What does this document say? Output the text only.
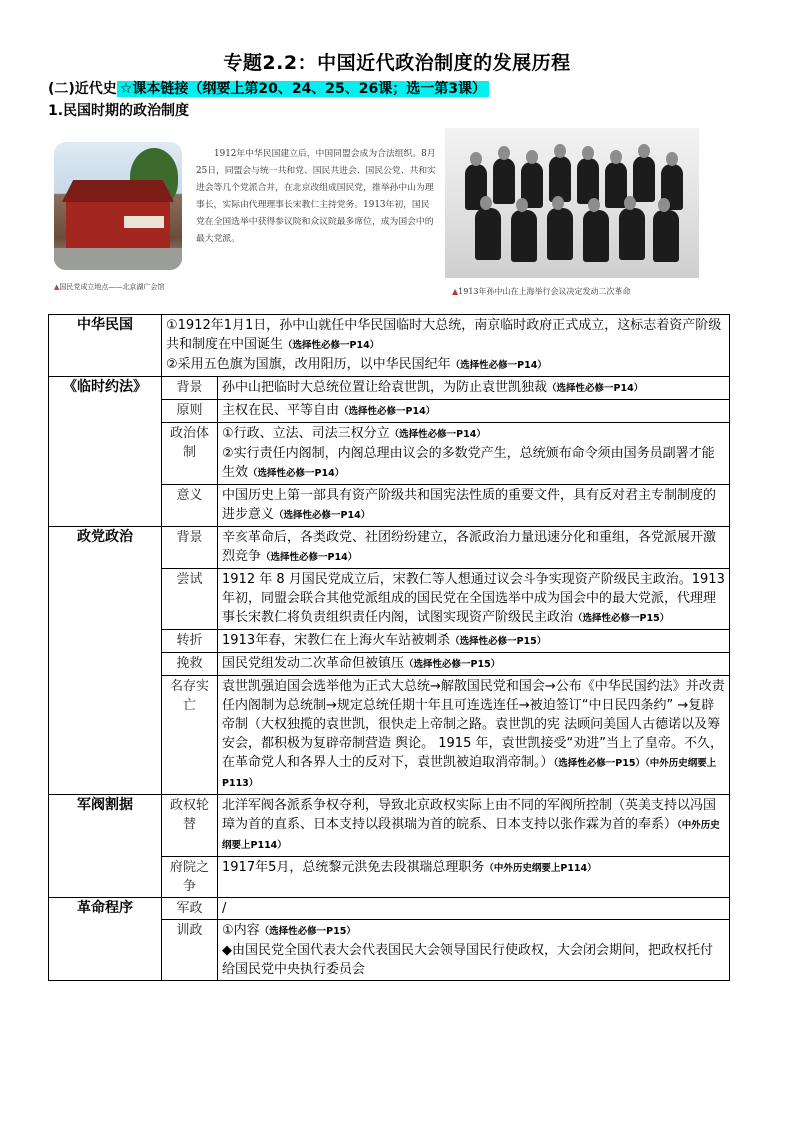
专题2.2：中国近代政治制度的发展历程
(二)近代史 ☆课本链接（纲要上第20、24、25、26课；选一第3课）
1.民国时期的政治制度
▲国民党成立地点——北京湖广会馆
1912年中华民国建立后，中国同盟会成为合法组织。8月25日，同盟会与统一共和党、国民共进会、国民公党、共和实进会等几个党派合并，在北京改组成国民党，推举孙中山为理事长，实际由代理理事长宋教仁主持党务。1913年初，国民党在全国选举中获得参议院和众议院最多席位，成为国会中的最大党派。
▲1913年孙中山在上海举行会议决定发动二次革命
中华民国	①1912年1月1日，孙中山就任中华民国临时大总统，南京临时政府正式成立，这标志着资产阶级共和制度在中国诞生（选择性必修一P14）
②采用五色旗为国旗，改用阳历，以中华民国纪年（选择性必修一P14）	

《临时约法》	背景	孙中山把临时大总统位置让给袁世凯，为防止袁世凯独裁（选择性必修一P14）
	原则	主权在民、平等自由（选择性必修一P14）
	政治体制	①行政、立法、司法三权分立（选择性必修一P14）
②实行责任内阁制，内阁总理由议会的多数党产生，总统颁布命令须由国务员副署才能生效（选择性必修一P14）

	意义	中国历史上第一部具有资产阶级共和国宪法性质的重要文件，具有反对君主专制制度的进步意义（选择性必修一P14）
政党政治	背景	辛亥革命后，各类政党、社团纷纷建立，各派政治力量迅速分化和重组，各党派展开激烈竞争（选择性必修一P14）
	尝试	1912 年 8 月国民党成立后，宋教仁等人想通过议会斗争实现资产阶级民主政治。1913年初，同盟会联合其他党派组成的国民党在全国选举中成为国会中的最大党派，代理理事长宋教仁将负责组织责任内阁，试图实现资产阶级民主政治（选择性必修一P15）
	转折	1913年春，宋教仁在上海火车站被刺杀（选择性必修一P15）
	挽救	国民党组发动二次革命但被镇压（选择性必修一P15）
	名存实亡	袁世凯强迫国会选举他为正式大总统→解散国民党和国会→公布《中华民国约法》并改责任内阁制为总统制→规定总统任期十年且可连选连任→被迫签订“中日民四条约” →复辟帝制（大权独揽的袁世凯，很快走上帝制之路。袁世凯的宪 法顾问美国人古德诺以及筹安会，都积极为复辟帝制营造 舆论。 1915 年，袁世凯接受“劝进”当上了皇帝。不久， 在革命党人和各界人士的反对下，袁世凯被迫取消帝制。）（选择性必修一P15）（中外历史纲要上P113）
军阀割据	政权轮替	北洋军阀各派系争权夺利，导致北京政权实际上由不同的军阀所控制（英美支持以冯国璋为首的直系、日本支持以段祺瑞为首的皖系、日本支持以张作霖为首的奉系）（中外历史纲要上P114）
	府院之争	1917年5月，总统黎元洪免去段祺瑞总理职务（中外历史纲要上P114）
革命程序	军政	/
	训政	①内容（选择性必修一P15）
◆由国民党全国代表大会代表国民大会领导国民行使政权，大会闭会期间，把政权托付给国民党中央执行委员会
